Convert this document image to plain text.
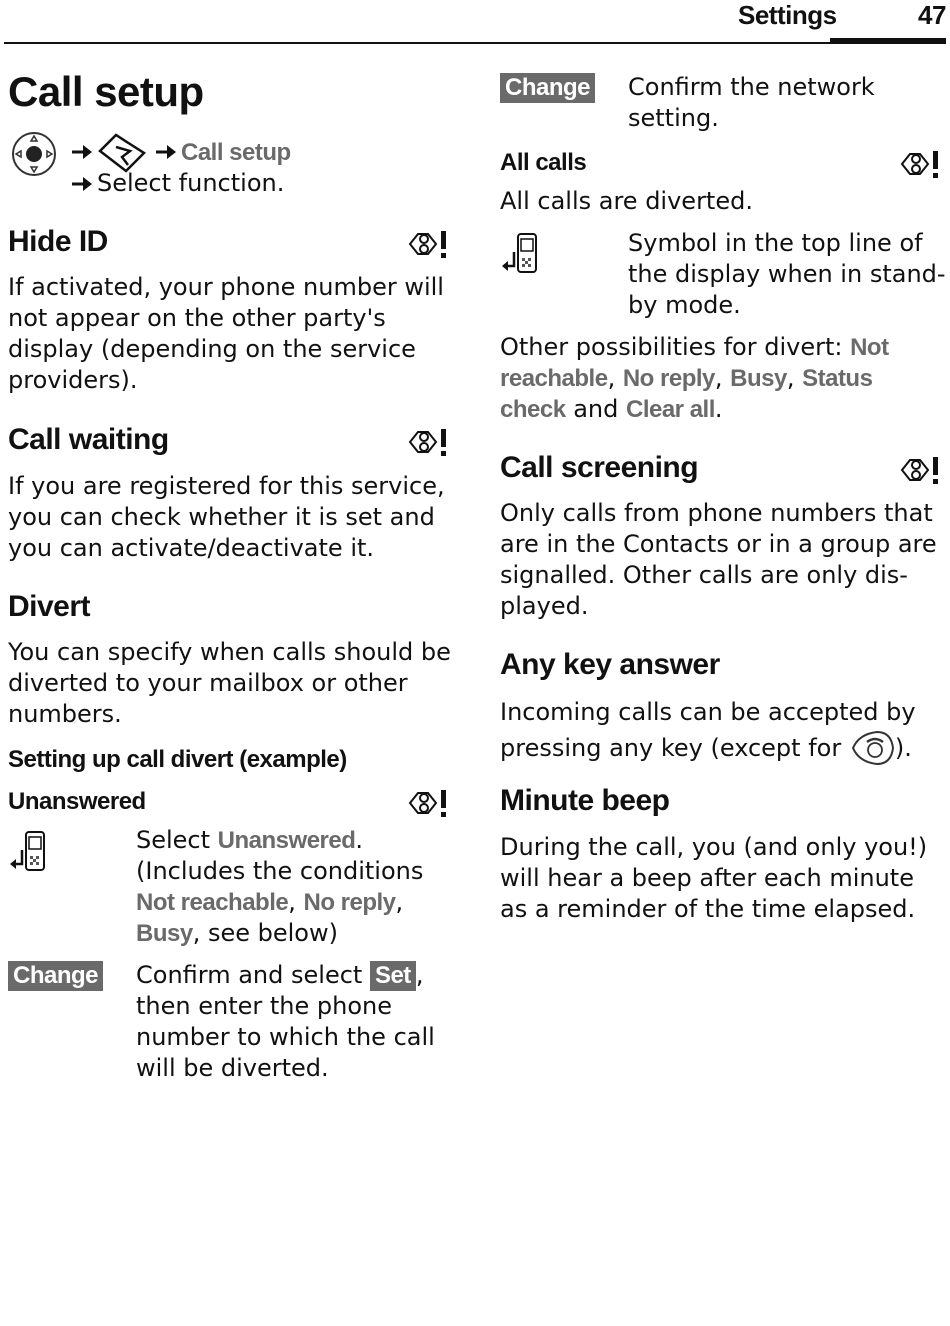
Settings	47
Call setup
Call setup
Select function.
Hide ID
If activated, your phone number will not appear on the other party's display (depending on the service providers).
Call waiting
If you are registered for this service, you can check whether it is set and you can activate/deactivate it.
Divert
You can specify when calls should be diverted to your mailbox or other numbers.
Setting up call divert (example)
Unanswered
Select Unanswered. (Includes the conditions Not reachable, No reply, Busy, see below)
Change Confirm and select Set , then enter the phone number to which the call will be diverted.
Change Confirm the network setting.
All calls
All calls are diverted.
Symbol in the top line of the display when in stand-by mode.
Other possibilities for divert: Not reachable, No reply, Busy, Status check and Clear all.
Call screening
Only calls from phone numbers that are in the Contacts or in a group are signalled. Other calls are only dis-played.
Any key answer
Incoming calls can be accepted by pressing any key (except for ).
Minute beep
During the call, you (and only you!) will hear a beep after each minute as a reminder of the time elapsed.
